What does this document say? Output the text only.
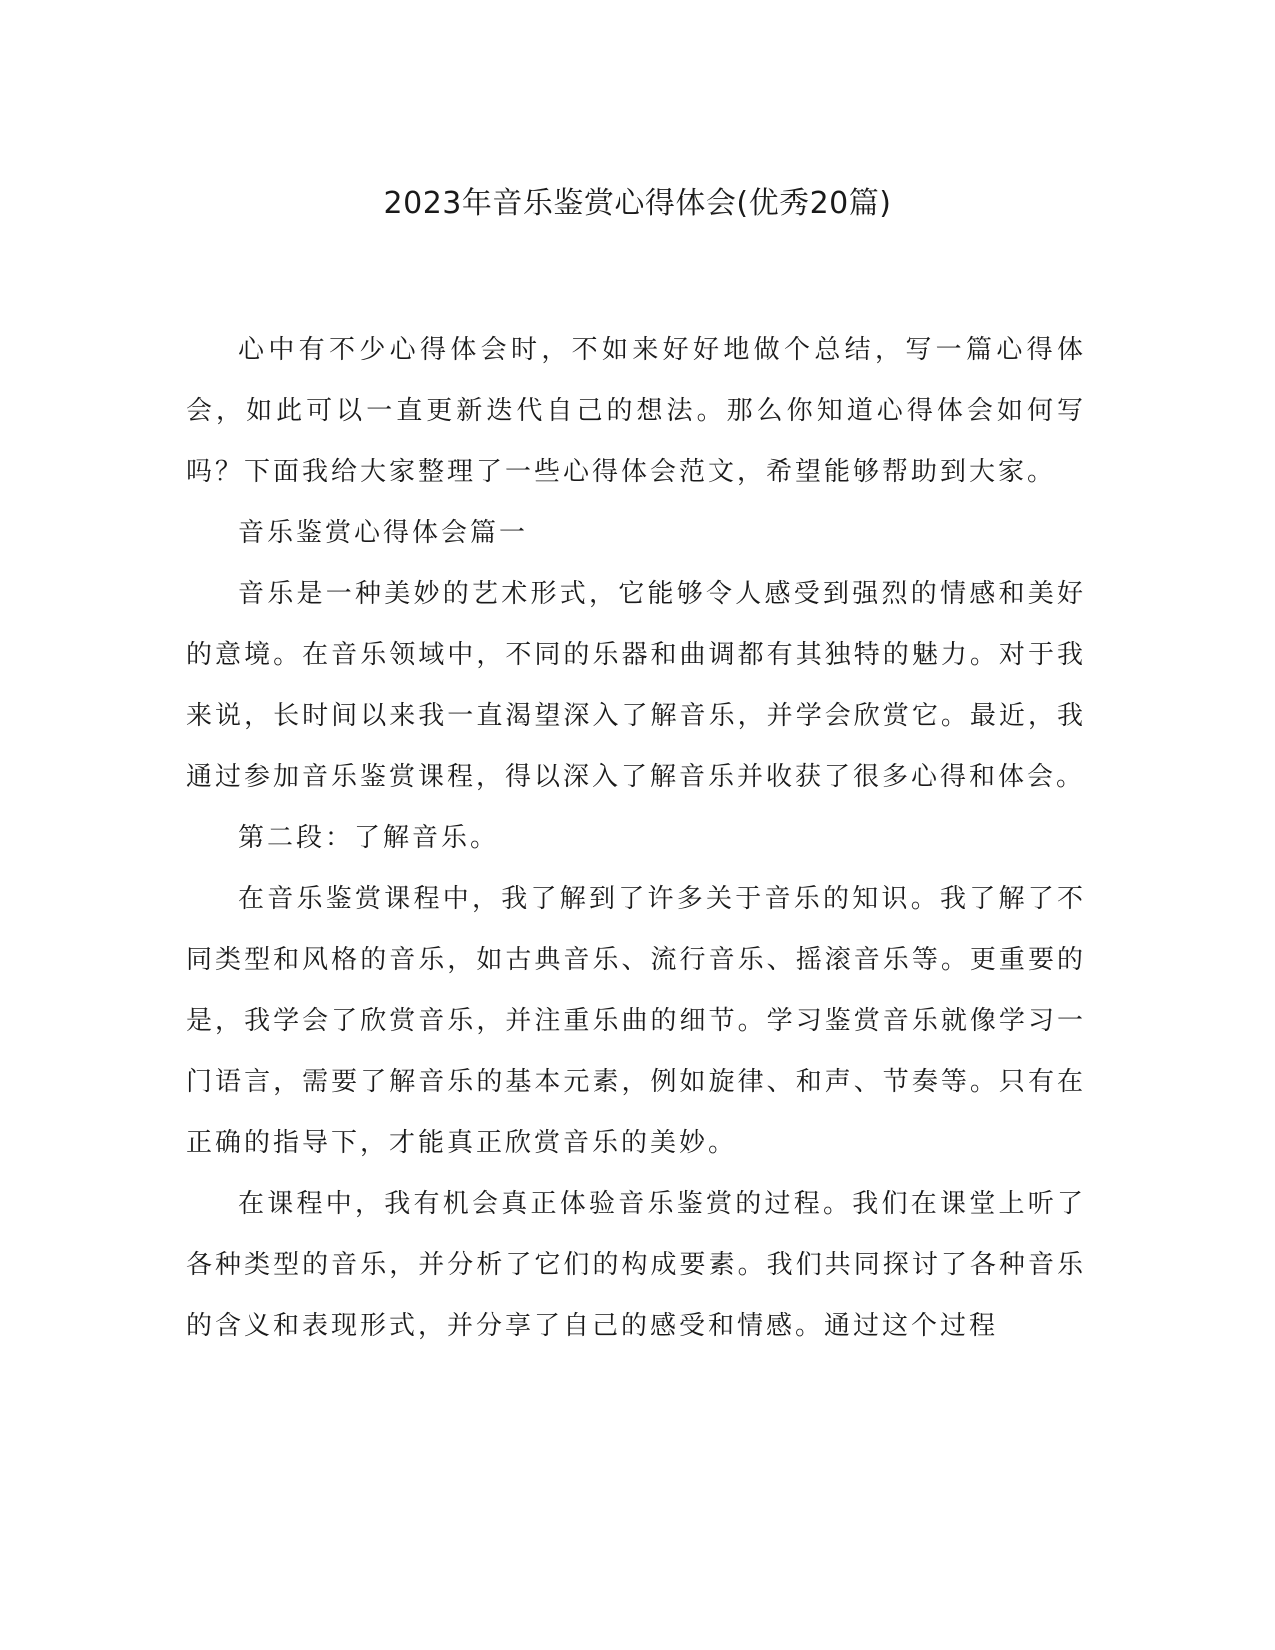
2023年音乐鉴赏心得体会(优秀20篇)

心中有不少心得体会时，不如来好好地做个总结，写一篇心得体会，如此可以一直更新迭代自己的想法。那么你知道心得体会如何写吗？下面我给大家整理了一些心得体会范文，希望能够帮助到大家。

音乐鉴赏心得体会篇一

音乐是一种美妙的艺术形式，它能够令人感受到强烈的情感和美好的意境。在音乐领域中，不同的乐器和曲调都有其独特的魅力。对于我来说，长时间以来我一直渴望深入了解音乐，并学会欣赏它。最近，我通过参加音乐鉴赏课程，得以深入了解音乐并收获了很多心得和体会。

第二段：了解音乐。

在音乐鉴赏课程中，我了解到了许多关于音乐的知识。我了解了不同类型和风格的音乐，如古典音乐、流行音乐、摇滚音乐等。更重要的是，我学会了欣赏音乐，并注重乐曲的细节。学习鉴赏音乐就像学习一门语言，需要了解音乐的基本元素，例如旋律、和声、节奏等。只有在正确的指导下，才能真正欣赏音乐的美妙。

在课程中，我有机会真正体验音乐鉴赏的过程。我们在课堂上听了各种类型的音乐，并分析了它们的构成要素。我们共同探讨了各种音乐的含义和表现形式，并分享了自己的感受和情感。通过这个过程
